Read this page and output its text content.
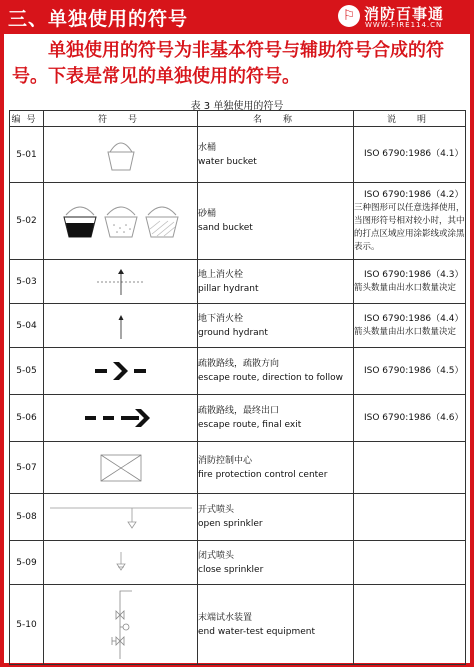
三、单独使用的符号	⚐ 消防百事通
WWW.FIRE114.CN
单独使用的符号为非基本符号与辅助符号合成的符号。下表是常见的单独使用的符号。
表 3 单独使用的符号
编号	符　号	名　称	说　明
5-01		水桶
water bucket	ISO 6790:1986（4.1）

5-02		砂桶
sand bucket	ISO 6790:1986（4.2）
三种图形可以任意选择使用，当图形符号相对较小时，其中的打点区域应用涂影线或涂黑表示。

5-03		地上消火栓
pillar hydrant	ISO 6790:1986（4.3）
箭头数量由出水口数量决定

5-04		地下消火栓
ground hydrant	ISO 6790:1986（4.4）
箭头数量由出水口数量决定

5-05		疏散路线，疏散方向
escape route, direction to follow	ISO 6790:1986（4.5）

5-06		疏散路线，最终出口
escape route, final exit	ISO 6790:1986（4.6）

5-07		消防控制中心
fire protection control center	
5-08		开式喷头
open sprinkler	
5-09		闭式喷头
close sprinkler	
5-10		末端试水装置
end water-test equipment	
